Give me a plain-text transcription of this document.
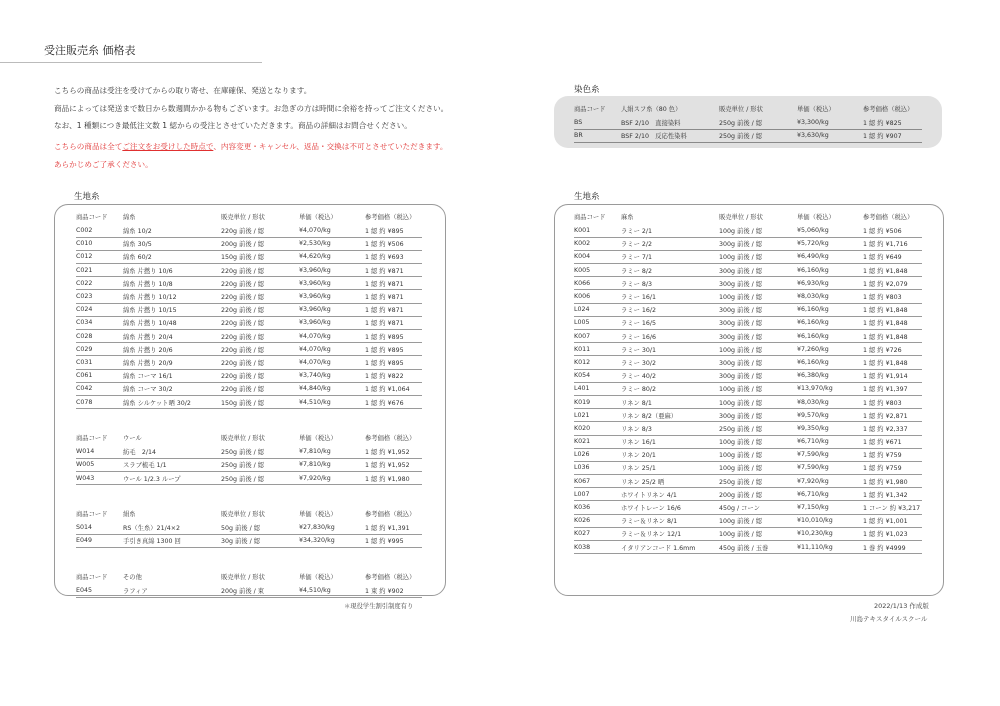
受注販売糸 価格表
こちらの商品は受注を受けてからの取り寄せ、在庫確保、発送となります。
商品によっては発送まで数日から数週間かかる物もございます。お急ぎの方は時間に余裕を持ってご注文ください。
なお、1 種類につき最低注文数 1 綛からの受注とさせていただきます。商品の詳細はお問合せください。
こちらの商品は全てご注文をお受けした時点で、内容変更・キャンセル、返品・交換は不可とさせていただきます。
あらかじめご了承ください。
生地糸
商品コード	綿糸	販売単位 / 形状	単価（税込）	参考価格（税込）
C002	綿糸 10/2	220g 前後 / 綛	¥4,070/kg	1 綛 約 ¥895
C010	綿糸 30/5	200g 前後 / 綛	¥2,530/kg	1 綛 約 ¥506
C012	綿糸 60/2	150g 前後 / 綛	¥4,620/kg	1 綛 約 ¥693
C021	綿糸 片撚り 10/6	220g 前後 / 綛	¥3,960/kg	1 綛 約 ¥871
C022	綿糸 片撚り 10/8	220g 前後 / 綛	¥3,960/kg	1 綛 約 ¥871
C023	綿糸 片撚り 10/12	220g 前後 / 綛	¥3,960/kg	1 綛 約 ¥871
C024	綿糸 片撚り 10/15	220g 前後 / 綛	¥3,960/kg	1 綛 約 ¥871
C034	綿糸 片撚り 10/48	220g 前後 / 綛	¥3,960/kg	1 綛 約 ¥871
C028	綿糸 片撚り 20/4	220g 前後 / 綛	¥4,070/kg	1 綛 約 ¥895
C029	綿糸 片撚り 20/6	220g 前後 / 綛	¥4,070/kg	1 綛 約 ¥895
C031	綿糸 片撚り 20/9	220g 前後 / 綛	¥4,070/kg	1 綛 約 ¥895
C061	綿糸 コーマ 16/1	220g 前後 / 綛	¥3,740/kg	1 綛 約 ¥822
C042	綿糸 コーマ 30/2	220g 前後 / 綛	¥4,840/kg	1 綛 約 ¥1,064
C078	綿糸 シルケット晒 30/2	150g 前後 / 綛	¥4,510/kg	1 綛 約 ¥676
商品コード	ウール	販売単位 / 形状	単価（税込）	参考価格（税込）
W014	紡毛　2/14	250g 前後 / 綛	¥7,810/kg	1 綛 約 ¥1,952
W005	スラブ梳毛 1/1	250g 前後 / 綛	¥7,810/kg	1 綛 約 ¥1,952
W043	ウール 1/2.3 ループ	250g 前後 / 綛	¥7,920/kg	1 綛 約 ¥1,980
商品コード	絹糸	販売単位 / 形状	単価（税込）	参考価格（税込）
S014	RS（生糸）21/4×2	50g 前後 / 綛	¥27,830/kg	1 綛 約 ¥1,391
E049	手引き真綿 1300 回	30g 前後 / 綛	¥34,320/kg	1 綛 約 ¥995
商品コード	その他	販売単位 / 形状	単価（税込）	参考価格（税込）
E045	ラフィア	200g 前後 / 束	¥4,510/kg	1 束 約 ¥902
＊現役学生割引制度有り
染色糸
商品コード	人絹スフ糸（80 色）	販売単位 / 形状	単価（税込）	参考価格（税込）
BS	BSF 2/10　直接染料	250g 前後 / 綛	¥3,300/kg	1 綛 約 ¥825
BR	BSF 2/10　反応性染料	250g 前後 / 綛	¥3,630/kg	1 綛 約 ¥907
生地糸
商品コード	麻糸	販売単位 / 形状	単価（税込）	参考価格（税込）
K001	ラミー 2/1	100g 前後 / 綛	¥5,060/kg	1 綛 約 ¥506
K002	ラミー 2/2	300g 前後 / 綛	¥5,720/kg	1 綛 約 ¥1,716
K004	ラミー 7/1	100g 前後 / 綛	¥6,490/kg	1 綛 約 ¥649
K005	ラミー 8/2	300g 前後 / 綛	¥6,160/kg	1 綛 約 ¥1,848
K066	ラミー 8/3	300g 前後 / 綛	¥6,930/kg	1 綛 約 ¥2,079
K006	ラミー 16/1	100g 前後 / 綛	¥8,030/kg	1 綛 約 ¥803
L024	ラミー 16/2	300g 前後 / 綛	¥6,160/kg	1 綛 約 ¥1,848
L005	ラミー 16/5	300g 前後 / 綛	¥6,160/kg	1 綛 約 ¥1,848
K007	ラミー 16/6	300g 前後 / 綛	¥6,160/kg	1 綛 約 ¥1,848
K011	ラミー 30/1	100g 前後 / 綛	¥7,260/kg	1 綛 約 ¥726
K012	ラミー 30/2	300g 前後 / 綛	¥6,160/kg	1 綛 約 ¥1,848
K054	ラミー 40/2	300g 前後 / 綛	¥6,380/kg	1 綛 約 ¥1,914
L401	ラミー 80/2	100g 前後 / 綛	¥13,970/kg	1 綛 約 ¥1,397
K019	リネン 8/1	100g 前後 / 綛	¥8,030/kg	1 綛 約 ¥803
L021	リネン 8/2（亜麻）	300g 前後 / 綛	¥9,570/kg	1 綛 約 ¥2,871
K020	リネン 8/3	250g 前後 / 綛	¥9,350/kg	1 綛 約 ¥2,337
K021	リネン 16/1	100g 前後 / 綛	¥6,710/kg	1 綛 約 ¥671
L026	リネン 20/1	100g 前後 / 綛	¥7,590/kg	1 綛 約 ¥759
L036	リネン 25/1	100g 前後 / 綛	¥7,590/kg	1 綛 約 ¥759
K067	リネン 25/2 晒	250g 前後 / 綛	¥7,920/kg	1 綛 約 ¥1,980
L007	ホワイトリネン 4/1	200g 前後 / 綛	¥6,710/kg	1 綛 約 ¥1,342
K036	ホワイトレーン 16/6	450g / コーン	¥7,150/kg	1 コーン 約 ¥3,217
K026	ラミー＆リネン 8/1	100g 前後 / 綛	¥10,010/kg	1 綛 約 ¥1,001
K027	ラミー＆リネン 12/1	100g 前後 / 綛	¥10,230/kg	1 綛 約 ¥1,023
K038	イタリアンコード 1.6mm	450g 前後 / 玉巻	¥11,110/kg	1 巻 約 ¥4999
2022/1/13 作成版
川島テキスタイルスクール
